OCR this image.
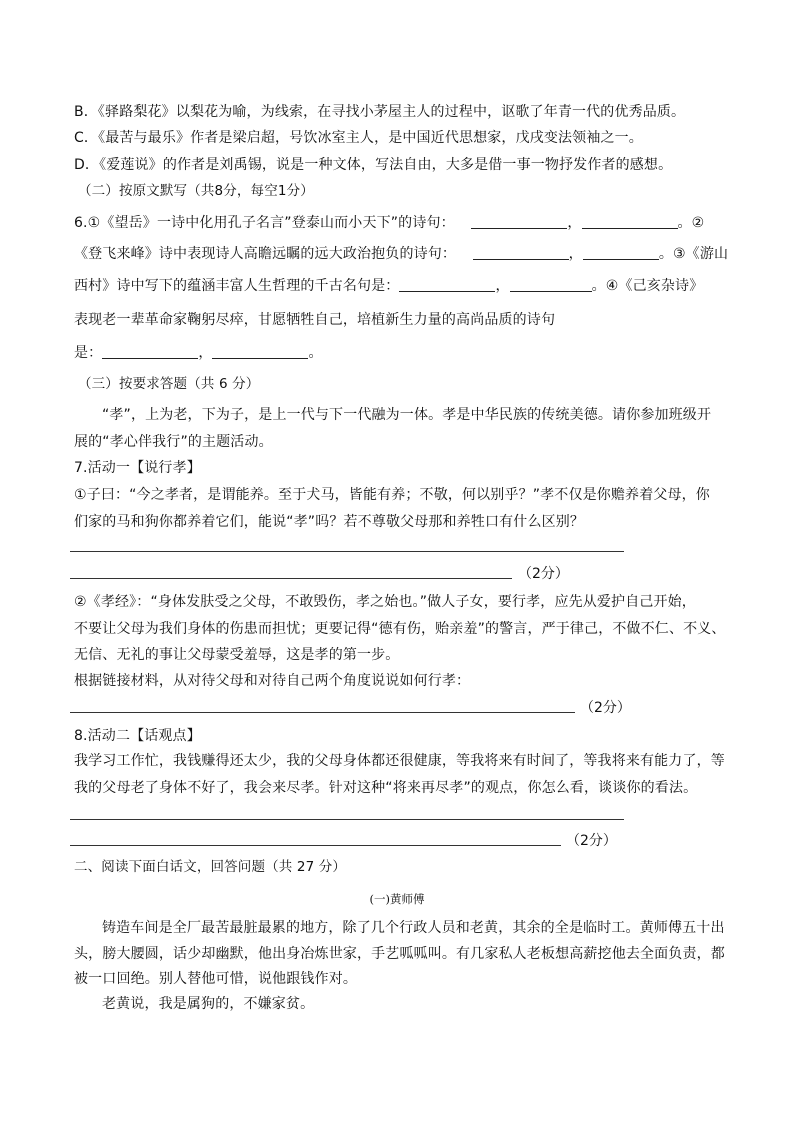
B．《驿路梨花》以梨花为喻，为线索，在寻找小茅屋主人的过程中，讴歌了年青一代的优秀品质。
C．《最苦与最乐》作者是梁启超，号饮冰室主人，是中国近代思想家，戊戌变法领袖之一。
D．《爱莲说》的作者是刘禹锡，说是一种文体，写法自由，大多是借一事一物抒发作者的感想。
（二）按原文默写（共8分，每空1分）
6.①《望岳》一诗中化用孔子名言”登泰山而小天下”的诗句：	，	。②
《登飞来峰》诗中表现诗人高瞻远瞩的远大政治抱负的诗句：	，	。③《游山
西村》诗中写下的蕴涵丰富人生哲理的千古名句是：	，	。④《己亥杂诗》
表现老一辈革命家鞠躬尽瘁，甘愿牺牲自己，培植新生力量的高尚品质的诗句
是：	，	。
（三）按要求答题（共 6 分）
“孝”，上为老，下为子，是上一代与下一代融为一体。孝是中华民族的传统美德。请你参加班级开
展的“孝心伴我行”的主题活动。
7.活动一【说行孝】
①子曰：“今之孝者，是谓能养。至于犬马，皆能有养；不敬，何以别乎？”孝不仅是你赡养着父母，你
们家的马和狗你都养着它们，能说“孝”吗？若不尊敬父母那和养牲口有什么区别？
（2分）
②《孝经》：“身体发肤受之父母，不敢毁伤，孝之始也。”做人子女，要行孝，应先从爱护自己开始，
不要让父母为我们身体的伤患而担忧；更要记得“德有伤，贻亲羞”的警言，严于律己，不做不仁、不义、
无信、无礼的事让父母蒙受羞辱，这是孝的第一步。
根据链接材料，从对待父母和对待自己两个角度说说如何行孝：
（2分）
8.活动二【话观点】
我学习工作忙，我钱赚得还太少，我的父母身体都还很健康，等我将来有时间了，等我将来有能力了，等
我的父母老了身体不好了，我会来尽孝。针对这种“将来再尽孝”的观点，你怎么看，谈谈你的看法。
（2分）
二、阅读下面白话文，回答问题（共 27 分）
(一)黄师傅
铸造车间是全厂最苦最脏最累的地方，除了几个行政人员和老黄，其余的全是临时工。黄师傅五十出
头，膀大腰圆，话少却幽默，他出身冶炼世家，手艺呱呱叫。有几家私人老板想高薪挖他去全面负责，都
被一口回绝。别人替他可惜，说他跟钱作对。
老黄说，我是属狗的，不嫌家贫。
